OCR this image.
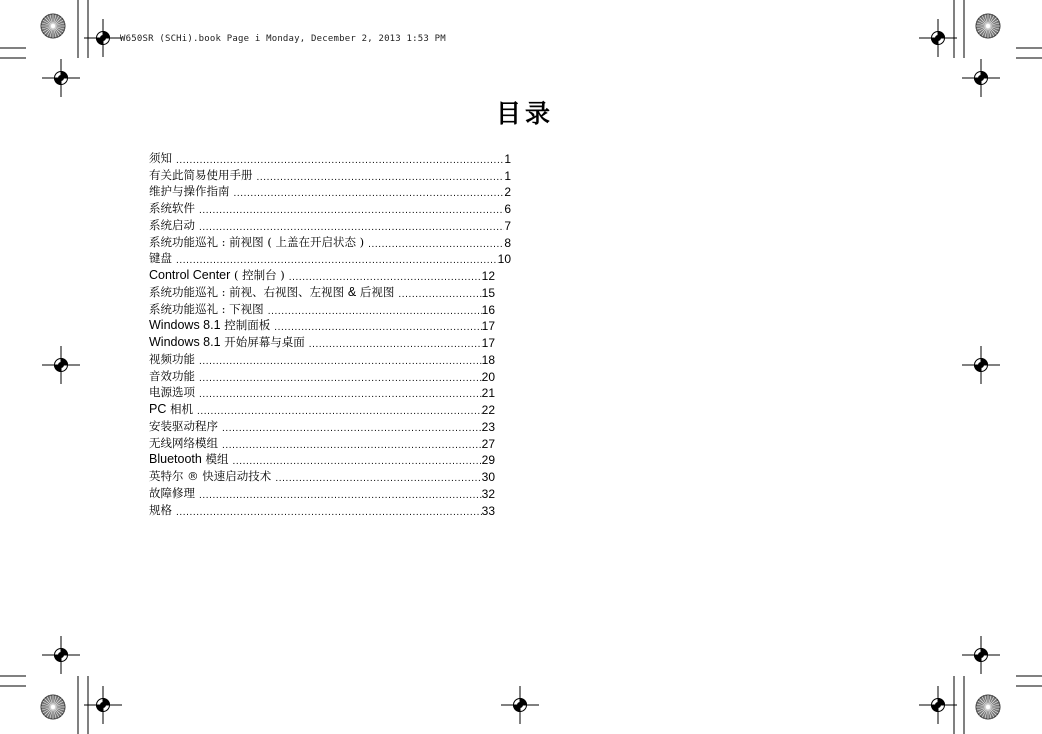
W650SR (SCHi).book Page i Monday, December 2, 2013 1:53 PM
目录
须知 .....	1
有关此简易使用手册 .....	1
维护与操作指南 .....	2
系统软件 .....	6
系统启动 .....	7
系统功能巡礼 : 前视图 ( 上盖在开启状态 ) .....	8
键盘 .....	10
Control Center ( 控制台 ) .....	12
系统功能巡礼 : 前视、右视图、左视图 & 后视图 .....	15
系统功能巡礼 : 下视图 .....	16
Windows 8.1 控制面板 .....	17
Windows 8.1 开始屏幕与桌面 .....	17
视频功能 .....	18
音效功能 .....	20
电源选项 .....	21
PC 相机 .....	22
安装驱动程序 .....	23
无线网络模组 .....	27
Bluetooth 模组 .....	29
英特尔 ® 快速启动技术 .....	30
故障修理 .....	32
规格 .....	33
